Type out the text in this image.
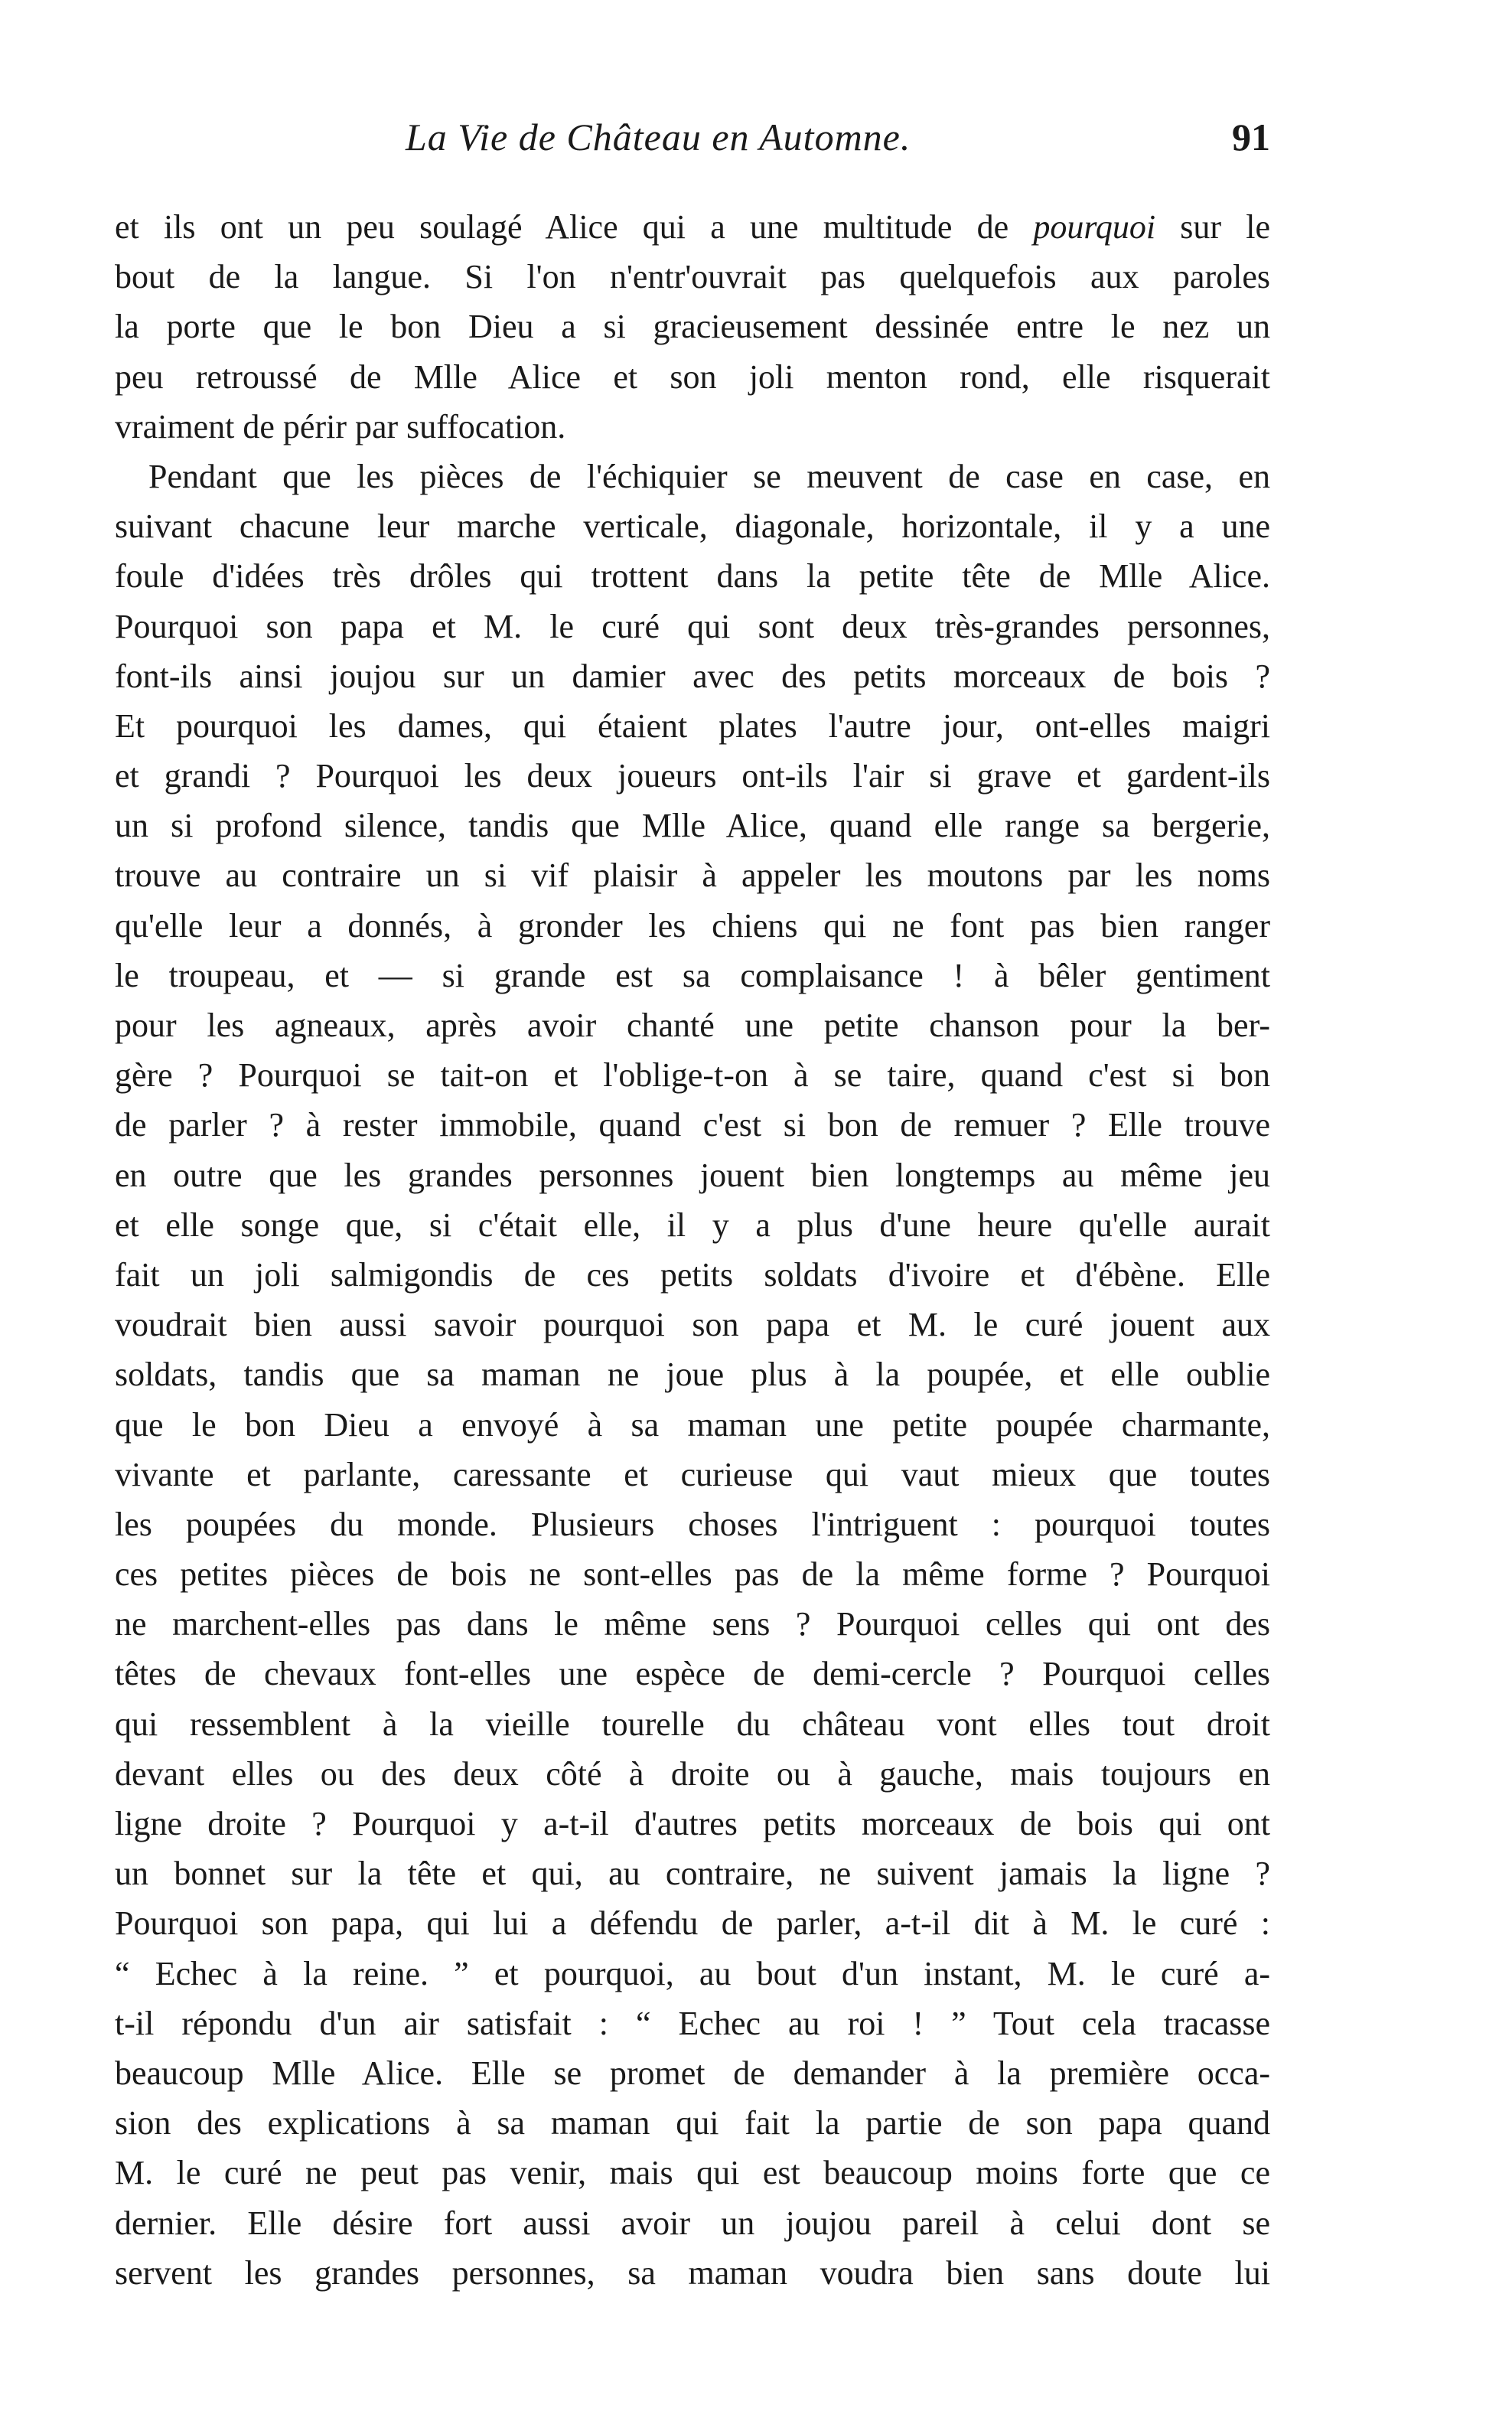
La Vie de Château en Automne.	91
et ils ont un peu soulagé Alice qui a une multitude de pourquoi sur le
bout de la langue. Si l'on n'entr'ouvrait pas quelquefois aux paroles
la porte que le bon Dieu a si gracieusement dessinée entre le nez un
peu retroussé de Mlle Alice et son joli menton rond, elle risquerait
vraiment de périr par suffocation.
Pendant que les pièces de l'échiquier se meuvent de case en case, en
suivant chacune leur marche verticale, diagonale, horizontale, il y a une
foule d'idées très drôles qui trottent dans la petite tête de Mlle Alice.
Pourquoi son papa et M. le curé qui sont deux très-grandes personnes,
font-ils ainsi joujou sur un damier avec des petits morceaux de bois ?
Et pourquoi les dames, qui étaient plates l'autre jour, ont-elles maigri
et grandi ? Pourquoi les deux joueurs ont-ils l'air si grave et gardent-ils
un si profond silence, tandis que Mlle Alice, quand elle range sa bergerie,
trouve au contraire un si vif plaisir à appeler les moutons par les noms
qu'elle leur a donnés, à gronder les chiens qui ne font pas bien ranger
le troupeau, et — si grande est sa complaisance ! à bêler gentiment
pour les agneaux, après avoir chanté une petite chanson pour la ber-
gère ? Pourquoi se tait-on et l'oblige-t-on à se taire, quand c'est si bon
de parler ? à rester immobile, quand c'est si bon de remuer ? Elle trouve
en outre que les grandes personnes jouent bien longtemps au même jeu
et elle songe que, si c'était elle, il y a plus d'une heure qu'elle aurait
fait un joli salmigondis de ces petits soldats d'ivoire et d'ébène. Elle
voudrait bien aussi savoir pourquoi son papa et M. le curé jouent aux
soldats, tandis que sa maman ne joue plus à la poupée, et elle oublie
que le bon Dieu a envoyé à sa maman une petite poupée charmante,
vivante et parlante, caressante et curieuse qui vaut mieux que toutes
les poupées du monde. Plusieurs choses l'intriguent : pourquoi toutes
ces petites pièces de bois ne sont-elles pas de la même forme ? Pourquoi
ne marchent-elles pas dans le même sens ? Pourquoi celles qui ont des
têtes de chevaux font-elles une espèce de demi-cercle ? Pourquoi celles
qui ressemblent à la vieille tourelle du château vont elles tout droit
devant elles ou des deux côté à droite ou à gauche, mais toujours en
ligne droite ? Pourquoi y a-t-il d'autres petits morceaux de bois qui ont
un bonnet sur la tête et qui, au contraire, ne suivent jamais la ligne ?
Pourquoi son papa, qui lui a défendu de parler, a-t-il dit à M. le curé :
“ Echec à la reine. ” et pourquoi, au bout d'un instant, M. le curé a-
t-il répondu d'un air satisfait : “ Echec au roi ! ” Tout cela tracasse
beaucoup Mlle Alice. Elle se promet de demander à la première occa-
sion des explications à sa maman qui fait la partie de son papa quand
M. le curé ne peut pas venir, mais qui est beaucoup moins forte que ce
dernier. Elle désire fort aussi avoir un joujou pareil à celui dont se
servent les grandes personnes, sa maman voudra bien sans doute lui
